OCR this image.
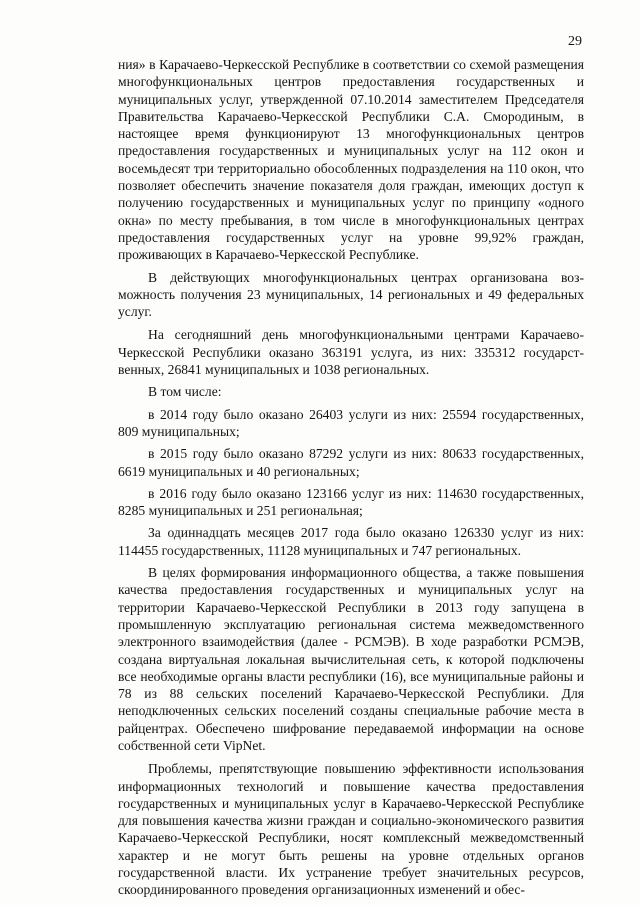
29

ния» в Карачаево-Черкесской Республике в соответствии со схемой размещения многофункциональных центров предоставления государственных и муниципальных услуг, утвержденной 07.10.2014 заместителем Председателя Правительства Карачаево-Черкесской Республики С.А. Смородиным, в настоящее время функционируют 13 многофункциональных центров предоставления государственных и муниципальных услуг на 112 окон и восемьдесят три территориально обособленных подразделения на 110 окон, что позволяет обеспечить значение показателя доля граждан, имеющих доступ к получению государственных и муниципальных услуг по принципу «одного окна» по месту пребывания, в том числе в многофункциональных центрах предоставления государственных услуг на уровне 99,92% граждан, проживающих в Карачаево-Черкесской Республике.

В действующих многофункциональных центрах организована возможность получения 23 муниципальных, 14 региональных и 49 федеральных услуг.

На сегодняшний день многофункциональными центрами Карачаево-Черкесской Республики оказано 363191 услуга, из них: 335312 государственных, 26841 муниципальных и 1038 региональных.

В том числе:

в 2014 году было оказано 26403 услуги из них: 25594 государственных, 809 муниципальных;

в 2015 году было оказано 87292 услуги из них: 80633 государственных, 6619 муниципальных и 40 региональных;

в 2016 году было оказано 123166 услуг из них: 114630 государственных, 8285 муниципальных и 251 региональная;

За одиннадцать месяцев 2017 года было оказано 126330 услуг из них: 114455 государственных, 11128 муниципальных и 747 региональных.

В целях формирования информационного общества, а также повышения качества предоставления государственных и муниципальных услуг на территории Карачаево-Черкесской Республики в 2013 году запущена в промышленную эксплуатацию региональная система межведомственного электронного взаимодействия (далее - РСМЭВ). В ходе разработки РСМЭВ, создана виртуальная локальная вычислительная сеть, к которой подключены все необходимые органы власти республики (16), все муниципальные районы и 78 из 88 сельских поселений Карачаево-Черкесской Республики. Для неподключенных сельских поселений созданы специальные рабочие места в райцентрах. Обеспечено шифрование передаваемой информации на основе собственной сети VipNet.

Проблемы, препятствующие повышению эффективности использования информационных технологий и повышение качества предоставления государственных и муниципальных услуг в Карачаево-Черкесской Республике для повышения качества жизни граждан и социально-экономического развития Карачаево-Черкесской Республики, носят комплексный межведомственный характер и не могут быть решены на уровне отдельных органов государственной власти. Их устранение требует значительных ресурсов, скоординированного проведения организационных изменений и обес-
